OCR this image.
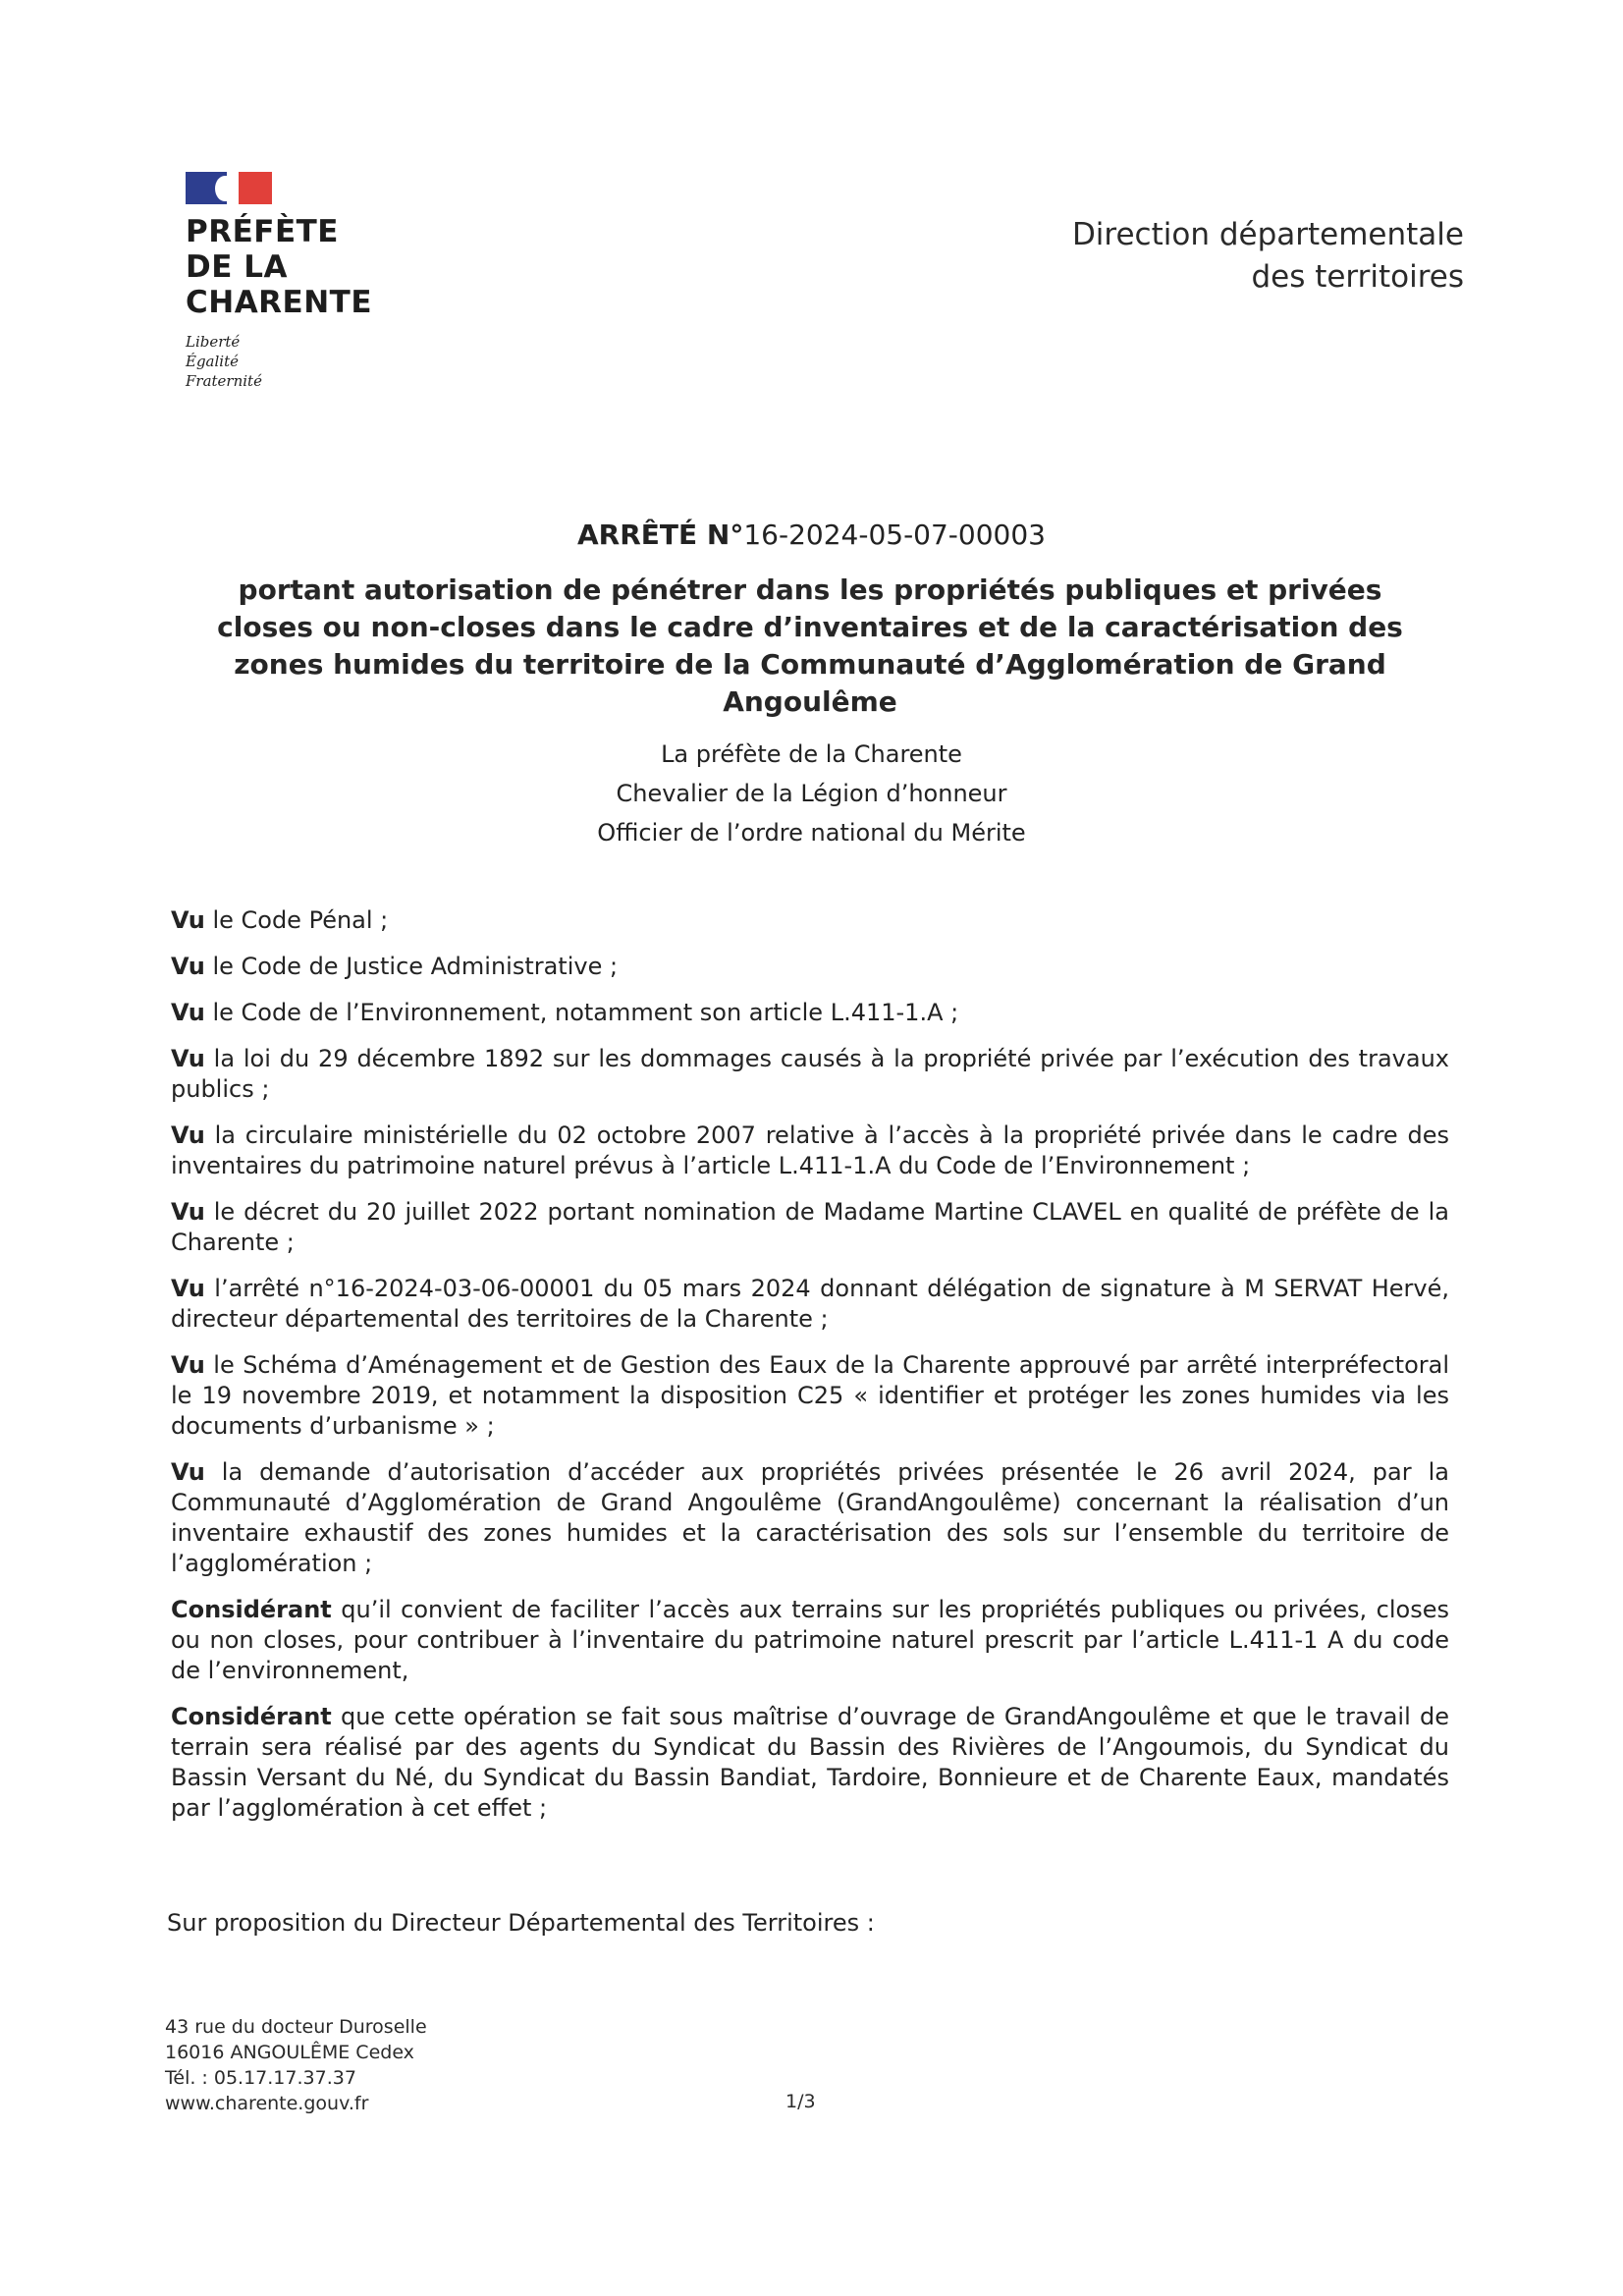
PRÉFÈTE
DE LA
CHARENTE
Liberté
Égalité
Fraternité
Direction départementale
des territoires
ARRÊTÉ N°16-2024-05-07-00003
portant autorisation de pénétrer dans les propriétés publiques et privées closes ou non-closes dans le cadre d’inventaires et de la caractérisation des zones humides du territoire de la Communauté d’Agglomération de Grand Angoulême
La préfète de la Charente
Chevalier de la Légion d’honneur
Officier de l’ordre national du Mérite

Vu le Code Pénal ;

Vu le Code de Justice Administrative ;

Vu le Code de l’Environnement, notamment son article L.411-1.A ;

Vu la loi du 29 décembre 1892 sur les dommages causés à la propriété privée par l’exécution des travaux publics ;

Vu la circulaire ministérielle du 02 octobre 2007 relative à l’accès à la propriété privée dans le cadre des inventaires du patrimoine naturel prévus à l’article L.411-1.A du Code de l’Environnement ;

Vu le décret du 20 juillet 2022 portant nomination de Madame Martine CLAVEL en qualité de préfète de la Charente ;

Vu l’arrêté n°16-2024-03-06-00001 du 05 mars 2024 donnant délégation de signature à M SERVAT Hervé, directeur départemental des territoires de la Charente ;

Vu le Schéma d’Aménagement et de Gestion des Eaux de la Charente approuvé par arrêté interpréfectoral le 19 novembre 2019, et notamment la disposition C25 « identifier et protéger les zones humides via les documents d’urbanisme » ;

Vu la demande d’autorisation d’accéder aux propriétés privées présentée le 26 avril 2024, par la Communauté d’Agglomération de Grand Angoulême (GrandAngoulême) concernant la réalisation d’un inventaire exhaustif des zones humides et la caractérisation des sols sur l’ensemble du territoire de l’agglomération ;

Considérant qu’il convient de faciliter l’accès aux terrains sur les propriétés publiques ou privées, closes ou non closes, pour contribuer à l’inventaire du patrimoine naturel prescrit par l’article L.411-1 A du code de l’environnement,

Considérant que cette opération se fait sous maîtrise d’ouvrage de GrandAngoulême et que le travail de terrain sera réalisé par des agents du Syndicat du Bassin des Rivières de l’Angoumois, du Syndicat du Bassin Versant du Né, du Syndicat du Bassin Bandiat, Tardoire, Bonnieure et de Charente Eaux, mandatés par l’agglomération à cet effet ;

Sur proposition du Directeur Départemental des Territoires :
43 rue du docteur Duroselle
16016 ANGOULÊME Cedex
Tél. : 05.17.17.37.37
www.charente.gouv.fr	1/3
